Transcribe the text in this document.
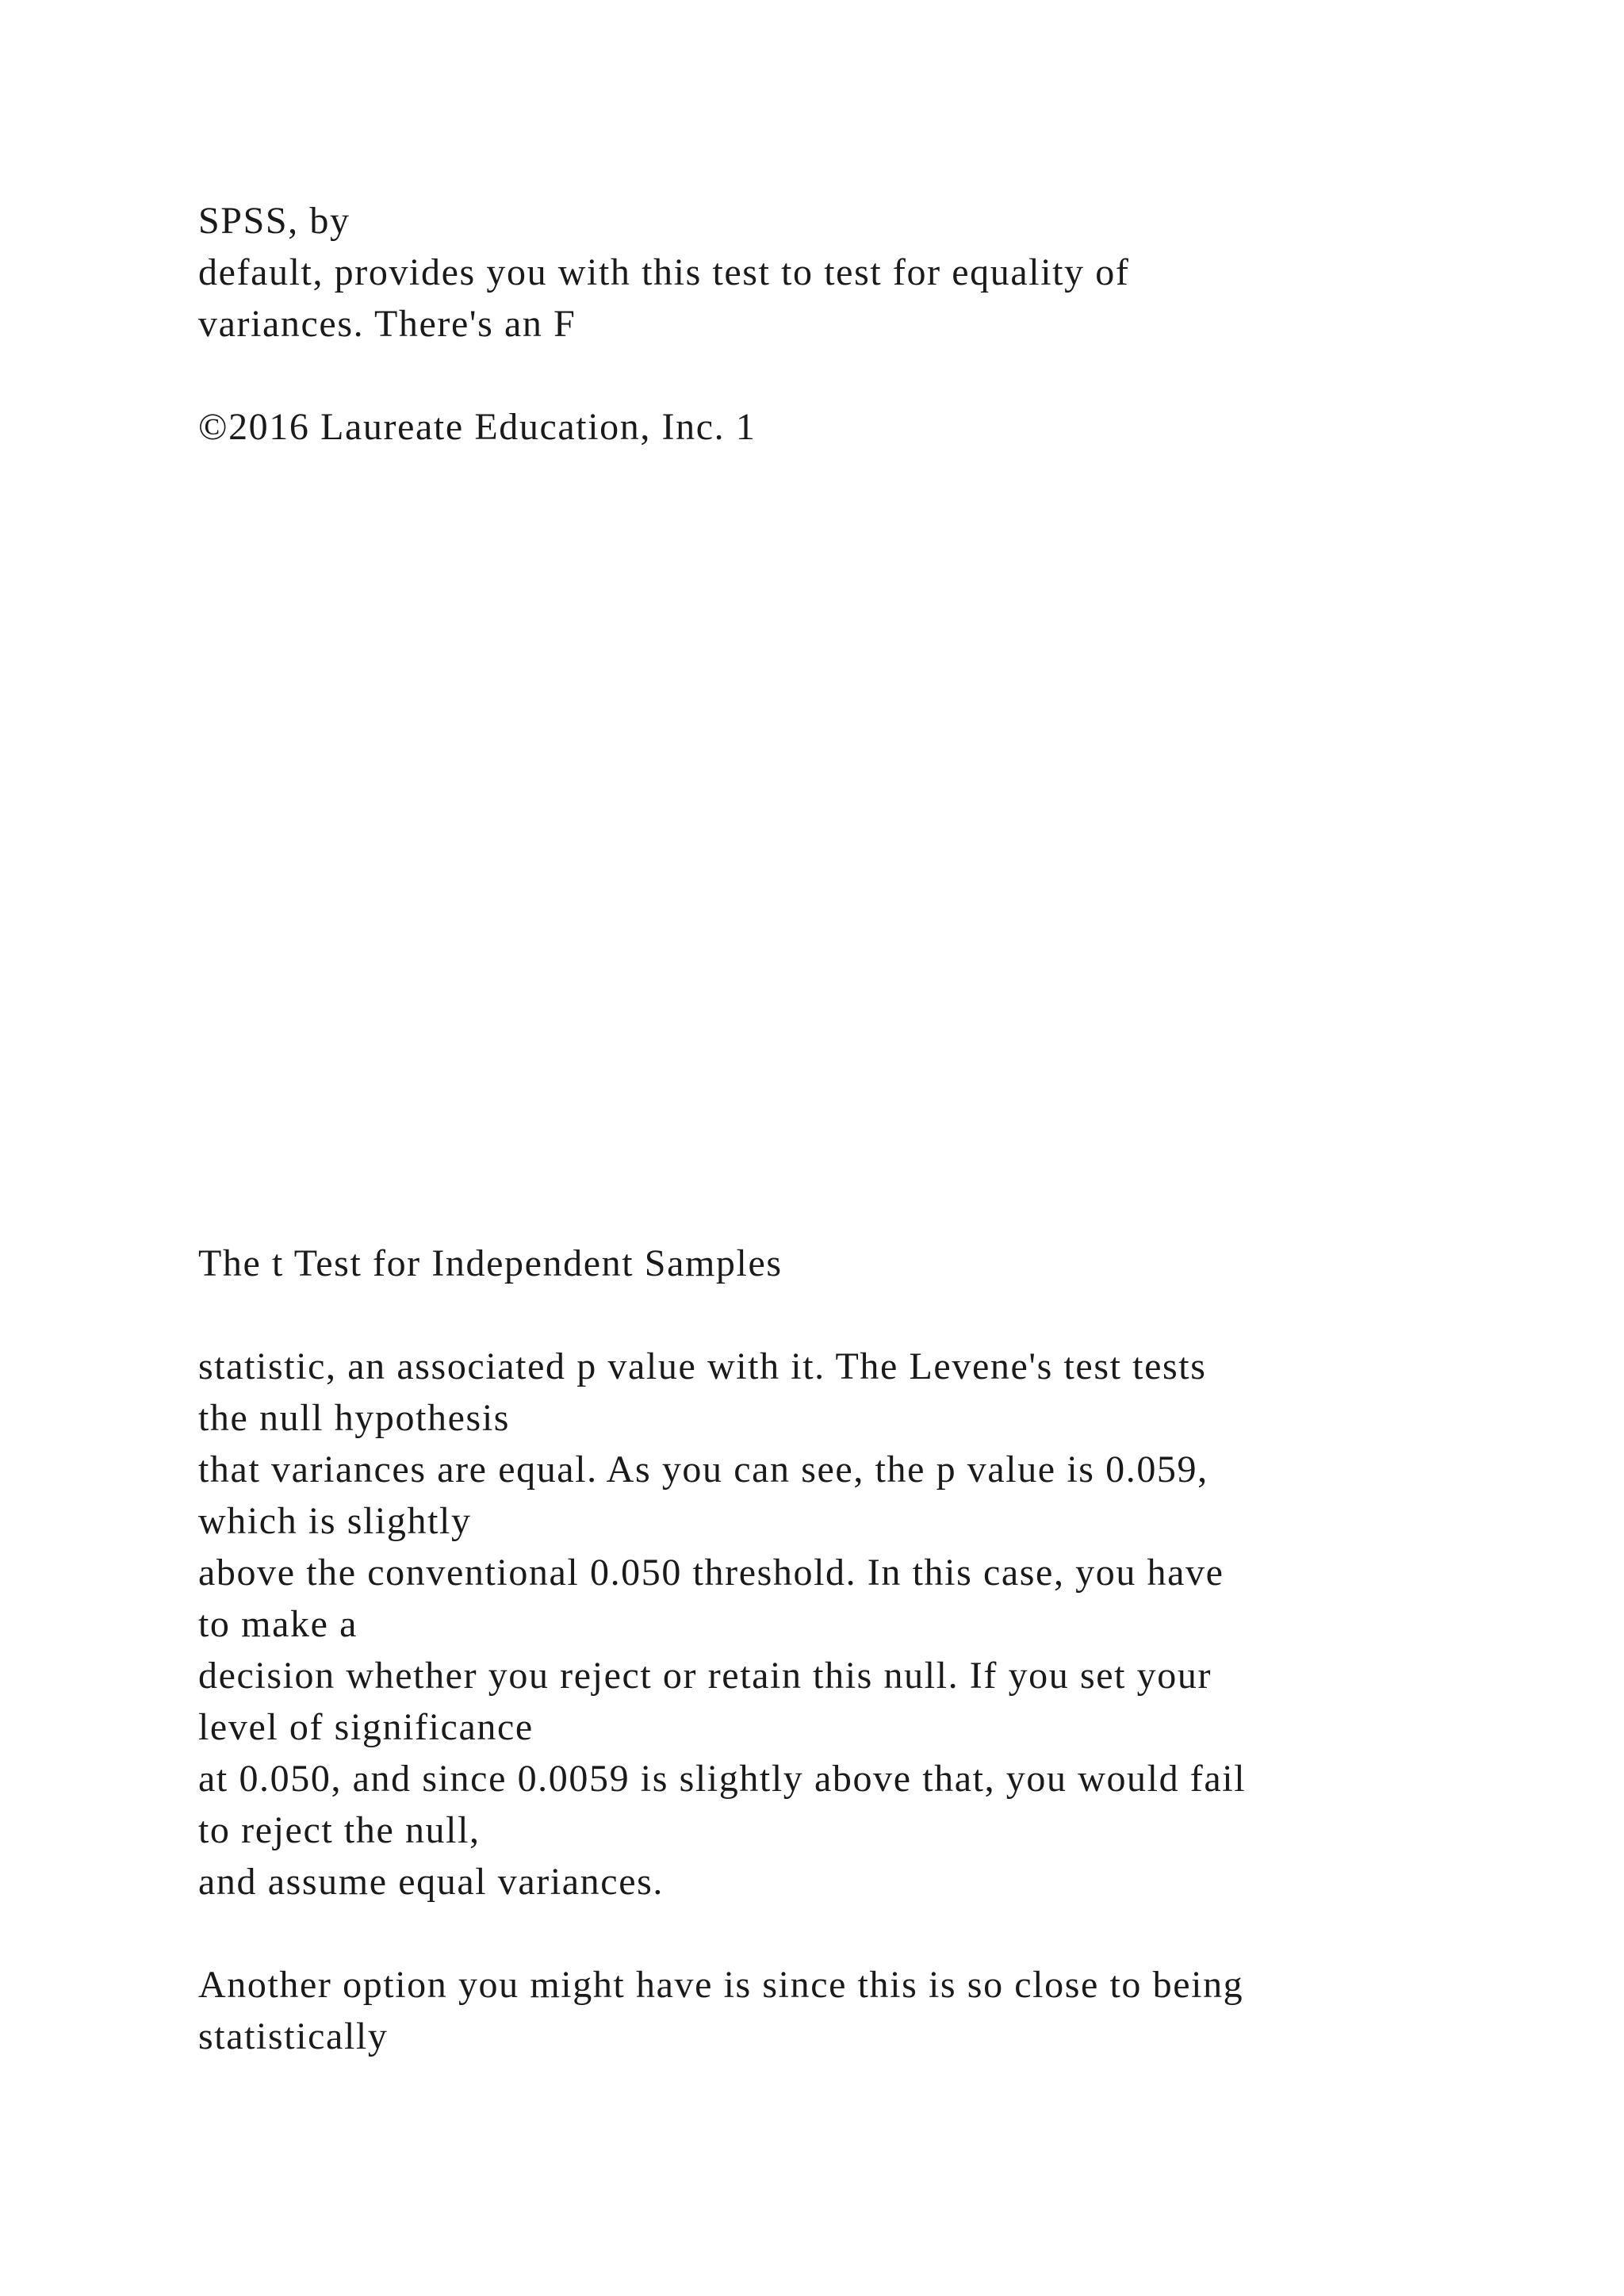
SPSS, by
default, provides you with this test to test for equality of
variances. There's an F
©2016 Laureate Education, Inc. 1
The t Test for Independent Samples
statistic, an associated p value with it. The Levene's test tests
the null hypothesis
that variances are equal. As you can see, the p value is 0.059,
which is slightly
above the conventional 0.050 threshold. In this case, you have
to make a
decision whether you reject or retain this null. If you set your
level of significance
at 0.050, and since 0.0059 is slightly above that, you would fail
to reject the null,
and assume equal variances.
Another option you might have is since this is so close to being
statistically
